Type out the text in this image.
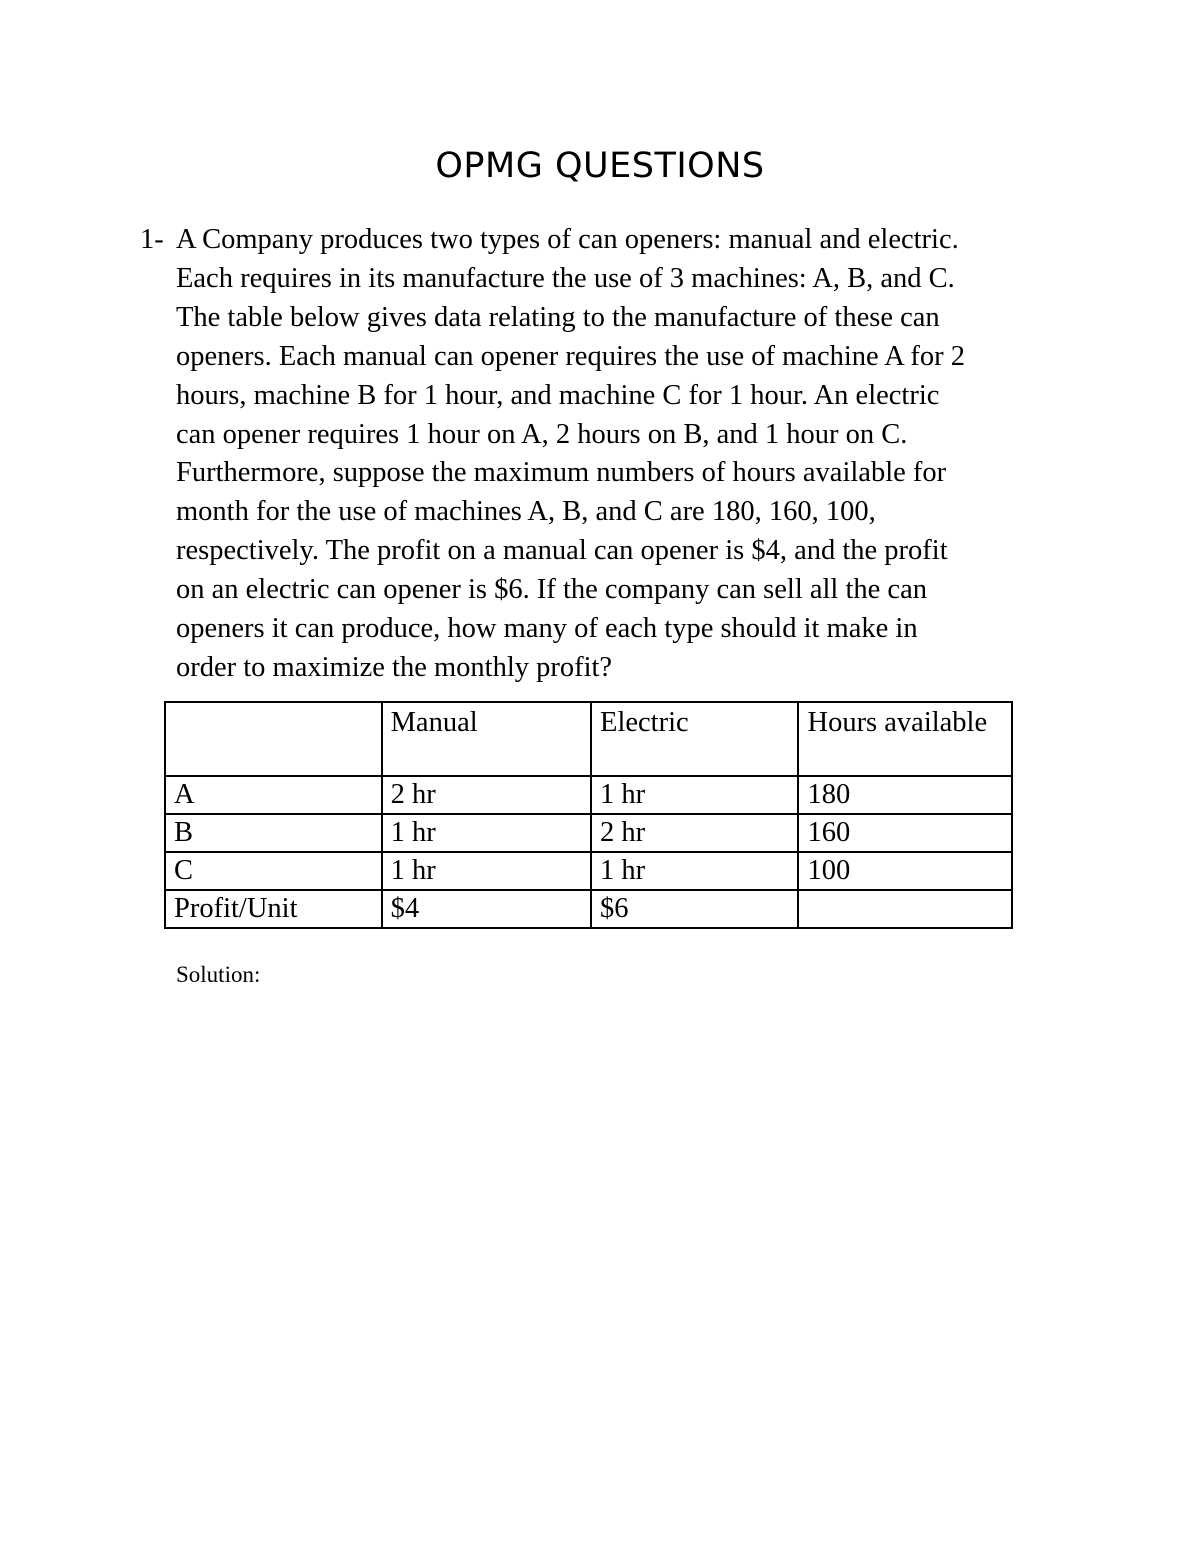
OPMG QUESTIONS
1- A Company produces two types of can openers: manual and electric.
Each requires in its manufacture the use of 3 machines: A, B, and C.
The table below gives data relating to the manufacture of these can
openers. Each manual can opener requires the use of machine A for 2
hours, machine B for 1 hour, and machine C for 1 hour. An electric
can opener requires 1 hour on A, 2 hours on B, and 1 hour on C.
Furthermore, suppose the maximum numbers of hours available for
month for the use of machines A, B, and C are 180, 160, 100,
respectively. The profit on a manual can opener is $4, and the profit
on an electric can opener is $6. If the company can sell all the can
openers it can produce, how many of each type should it make in
order to maximize the monthly profit?
	Manual	Electric	Hours available
A	2 hr	1 hr	180
B	1 hr	2 hr	160
C	1 hr	1 hr	100
Profit/Unit	$4	$6	
Solution:
